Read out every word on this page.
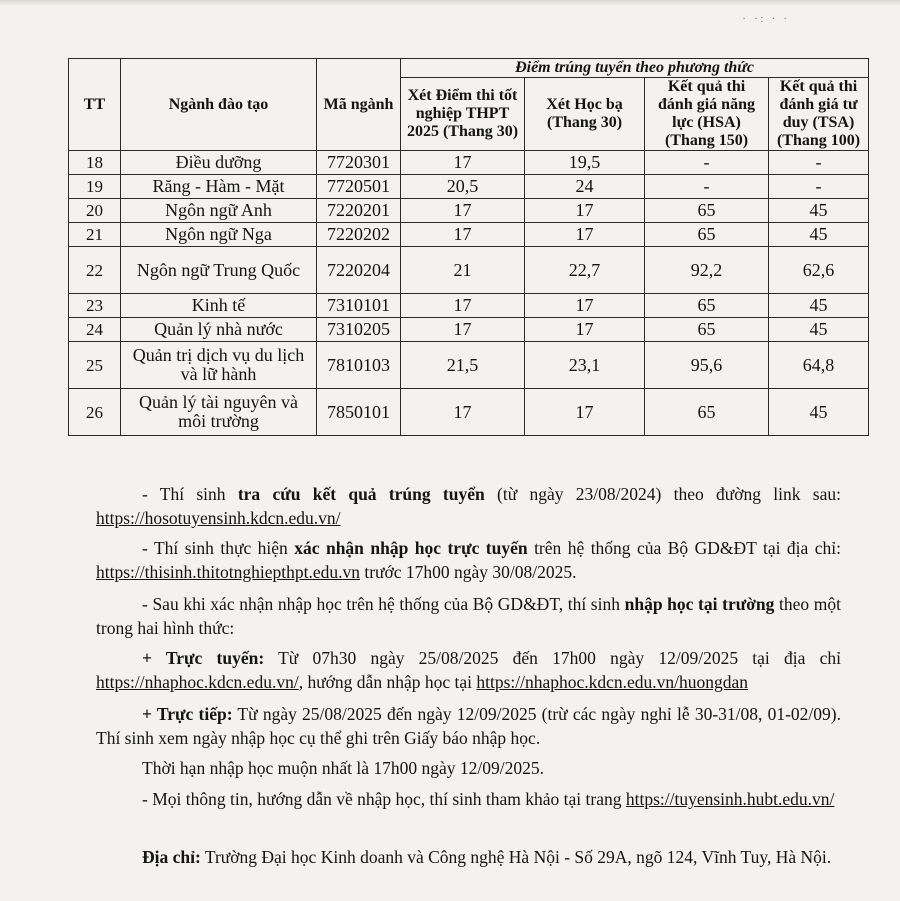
· ·: · ·
TT	Ngành đào tạo	Mã ngành	Điểm trúng tuyển theo phương thức			
			Xét Điểm thi tốt nghiệp THPT 2025 (Thang 30)	Xét Học bạ (Thang 30)	Kết quả thi đánh giá năng lực (HSA) (Thang 150)	Kết quả thi đánh giá tư duy (TSA) (Thang 100)
18	Điều dưỡng	7720301	17	19,5	-	-
19	Răng - Hàm - Mặt	7720501	20,5	24	-	-
20	Ngôn ngữ Anh	7220201	17	17	65	45
21	Ngôn ngữ Nga	7220202	17	17	65	45
22	Ngôn ngữ Trung Quốc	7220204	21	22,7	92,2	62,6
23	Kinh tế	7310101	17	17	65	45
24	Quản lý nhà nước	7310205	17	17	65	45
25	Quản trị dịch vụ du lịch và lữ hành	7810103	21,5	23,1	95,6	64,8
26	Quản lý tài nguyên và môi trường	7850101	17	17	65	45

- Thí sinh tra cứu kết quả trúng tuyển (từ ngày 23/08/2024) theo đường link sau: https://hosotuyensinh.kdcn.edu.vn/

- Thí sinh thực hiện xác nhận nhập học trực tuyến trên hệ thống của Bộ GD&ĐT tại địa chỉ: https://thisinh.thitotnghiepthpt.edu.vn trước 17h00 ngày 30/08/2025.

- Sau khi xác nhận nhập học trên hệ thống của Bộ GD&ĐT, thí sinh nhập học tại trường theo một trong hai hình thức:

+ Trực tuyến: Từ 07h30 ngày 25/08/2025 đến 17h00 ngày 12/09/2025 tại địa chỉ https://nhaphoc.kdcn.edu.vn/, hướng dẫn nhập học tại https://nhaphoc.kdcn.edu.vn/huongdan

+ Trực tiếp: Từ ngày 25/08/2025 đến ngày 12/09/2025 (trừ các ngày nghỉ lễ 30-31/08, 01-02/09). Thí sinh xem ngày nhập học cụ thể ghi trên Giấy báo nhập học.

Thời hạn nhập học muộn nhất là 17h00 ngày 12/09/2025.

- Mọi thông tin, hướng dẫn về nhập học, thí sinh tham khảo tại trang https://tuyensinh.hubt.edu.vn/

Địa chỉ: Trường Đại học Kinh doanh và Công nghệ Hà Nội - Số 29A, ngõ 124, Vĩnh Tuy, Hà Nội.
